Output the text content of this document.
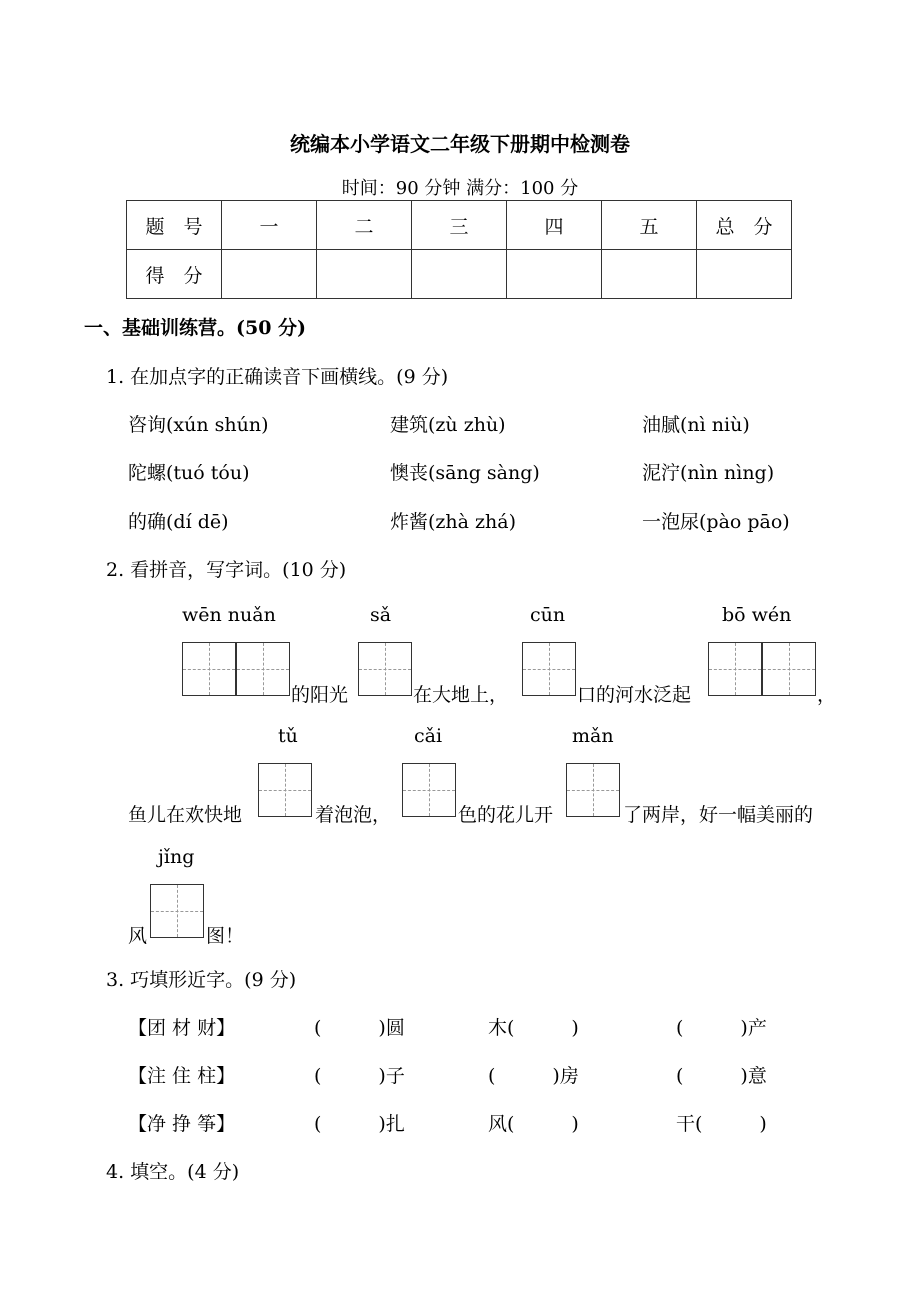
统编本小学语文二年级下册期中检测卷
时间：90 分钟 满分：100 分
题　号	一	二	三	四	五	总　分
得　分						
一、基础训练营。(50 分)
1. 在加点字的正确读音下画横线。(9 分)
咨询(xún shún)	建筑(zù zhù)	油腻(nì niù)
陀螺(tuó tóu)	懊丧(sāng sàng)	泥泞(nìn nìng)
的确(dí dē)	炸酱(zhà zhá)	一泡尿(pào pāo)
2. 看拼音，写字词。(10 分)
wēn nuǎn	sǎ	cūn	bō wén
的阳光	在大地上，	口的河水泛起	，
tǔ	cǎi	mǎn
鱼儿在欢快地	着泡泡，	色的花儿开	了两岸，好一幅美丽的
jǐng
风	图！
3. 巧填形近字。(9 分)
【团 材 财】	(　　　)圆	木(　　　)	(　　　)产
【注 住 柱】	(　　　)子	(　　　)房	(　　　)意
【净 挣 筝】	(　　　)扎	风(　　　)	干(　　　)
4. 填空。(4 分)
